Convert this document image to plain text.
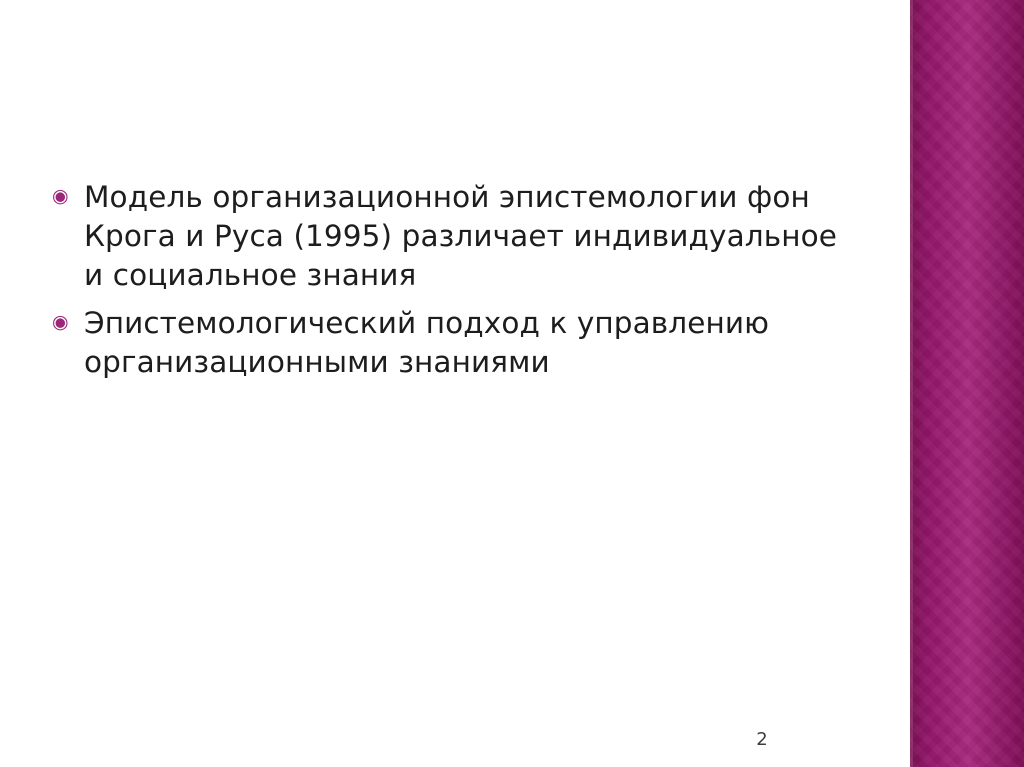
◉ Модель организационной эпистемологии фон Крога и Руса (1995) различает индивидуальное и социальное знания
◉ Эпистемологический подход к управлению организационными знаниями
2
